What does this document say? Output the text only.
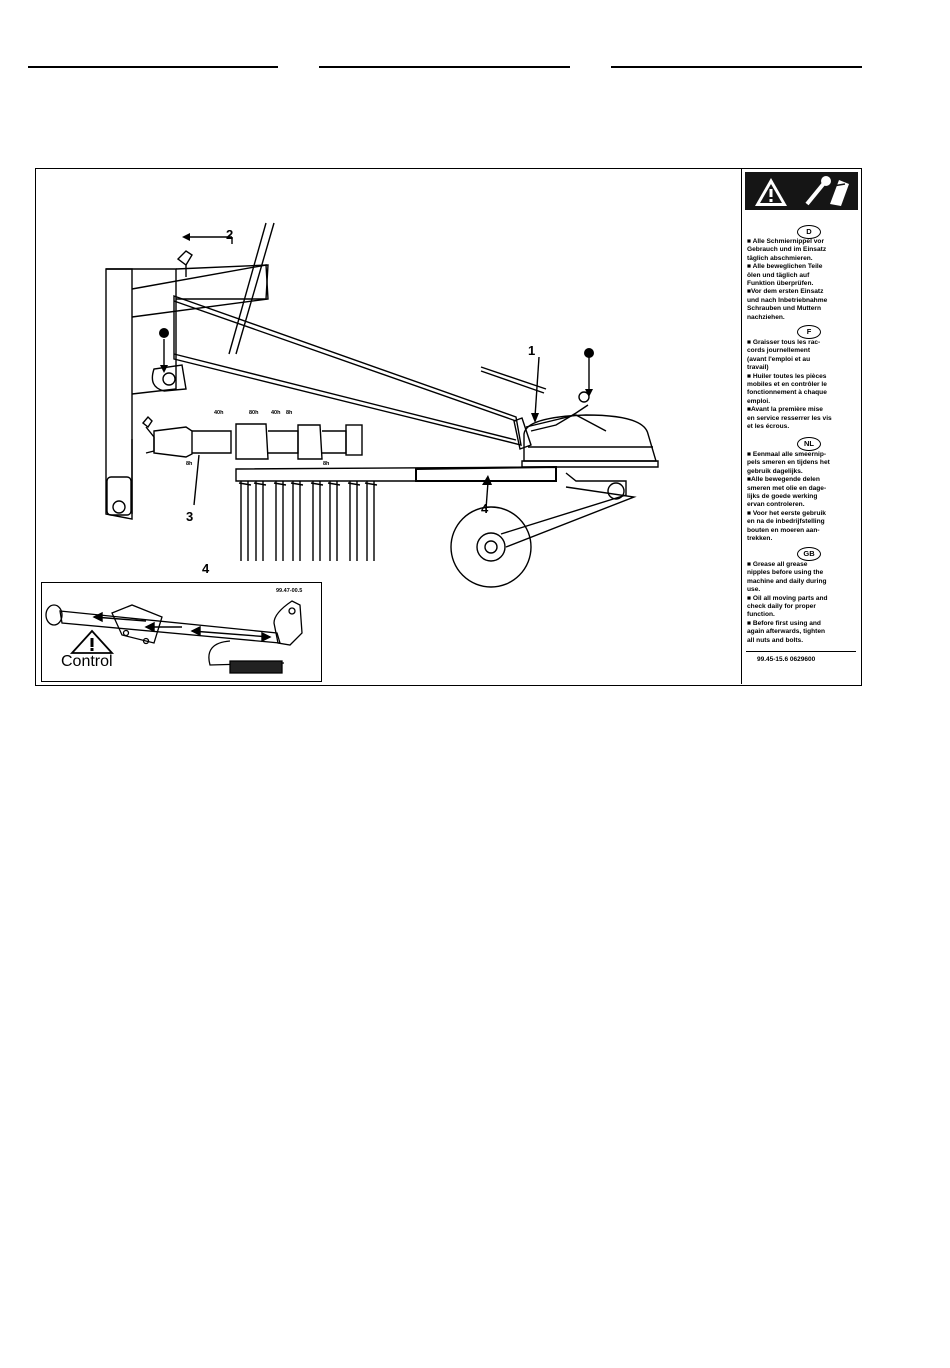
1
2
3
4
40h	80h 40h 8h
8h	8h
4
99.47-00.5
Control
D
■ Alle Schmiernippel vor
Gebrauch und im Einsatz
täglich abschmieren.
■ Alle beweglichen Teile
ölen und täglich auf
Funktion überprüfen.
■Vor dem ersten Einsatz
und nach Inbetriebnahme
Schrauben und Muttern
nachziehen.
F
■ Graisser tous les rac-
cords journellement
(avant l'emploi et au
travail)
■ Huiler toutes les pièces
mobiles et en contrôler le
fonctionnement à chaque
emploi.
■Avant la première mise
en service resserrer les vis
et les écrous.
NL
■ Eenmaal alle smeernip-
pels smeren en tijdens het
gebruik dagelijks.
■Alle bewegende delen
smeren met olie en dage-
lijks de goede werking
ervan controleren.
■ Voor het eerste gebruik
en na de inbedrijfstelling
bouten en moeren aan-
trekken.
GB
■ Grease all grease
nipples before using the
machine and daily during
use.
■ Oil all moving parts and
check daily for proper
function.
■ Before first using and
again afterwards, tighten
all nuts and bolts.
99.45-15.6 0629600
